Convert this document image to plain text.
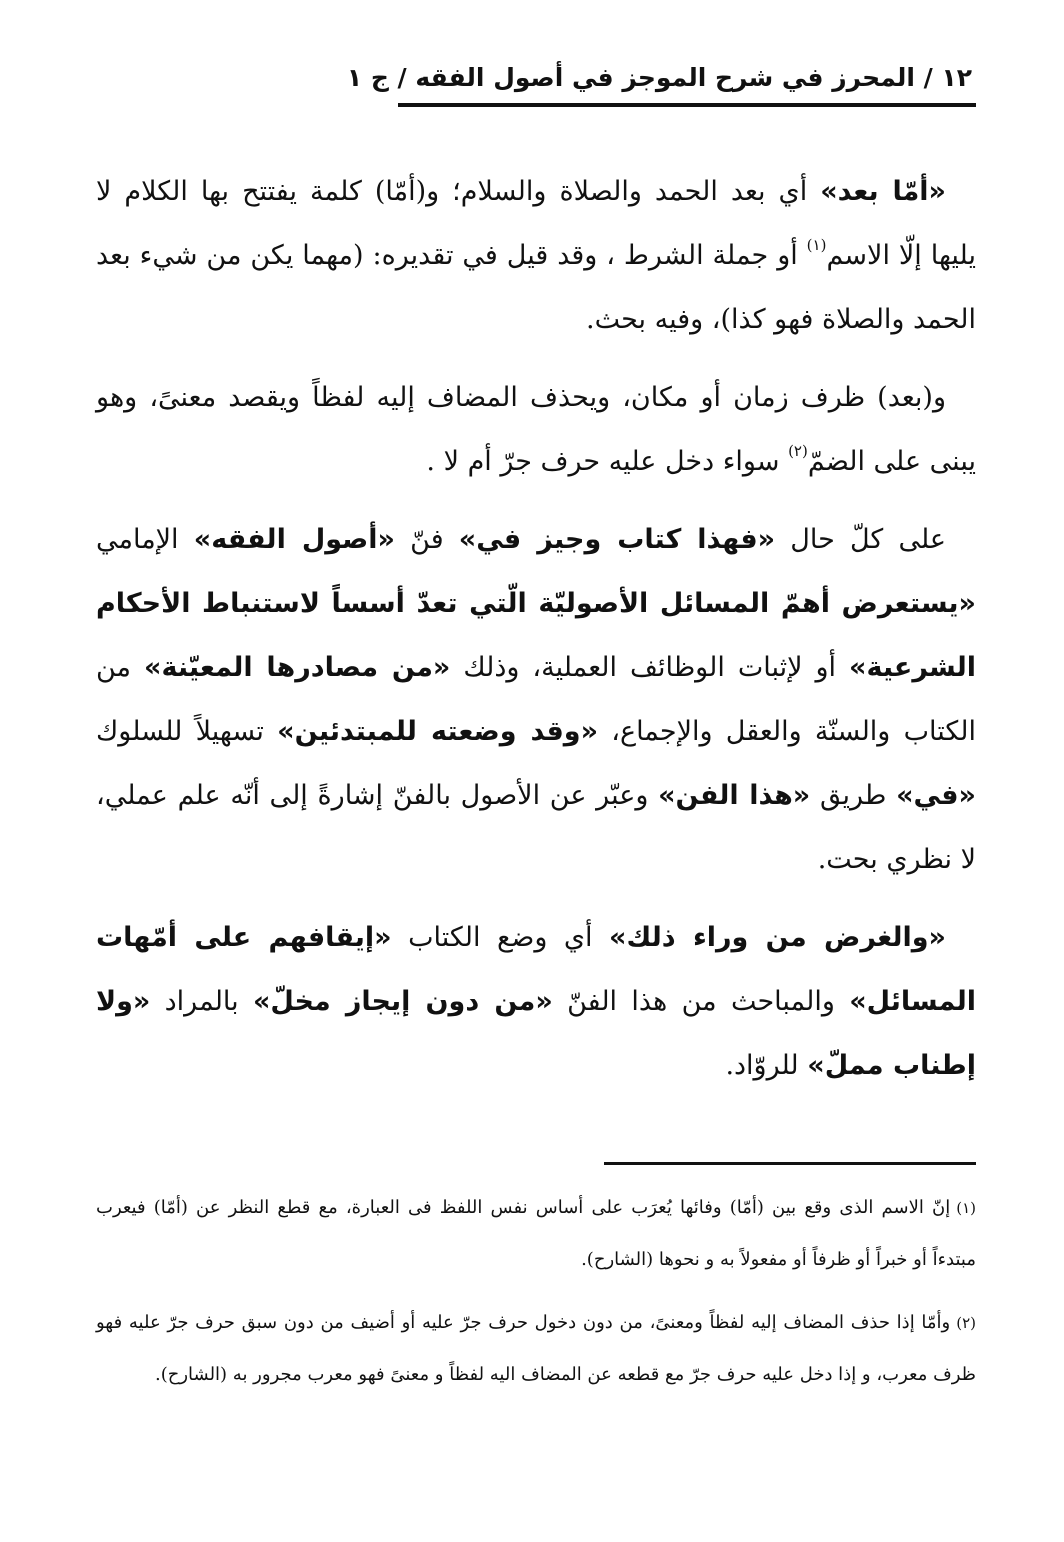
١٢ / المحرز في شرح الموجز في أصول الفقه / ج ١

«أمّا بعد» أي بعد الحمد والصلاة والسلام؛ و(أمّا) كلمة يفتتح بها الكلام لا يليها إلّا الاسم$^{(١)}$ أو جملة الشرط ، وقد قيل في تقديره: (مهما يكن من شيء بعد الحمد والصلاة فهو كذا)، وفيه بحث.

و(بعد) ظرف زمان أو مكان، ويحذف المضاف إليه لفظاً ويقصد معنىً، وهو يبنى على الضمّ$^{(٢)}$ سواء دخل عليه حرف جرّ أم لا .

على كلّ حال «فهذا كتاب وجيز في» فنّ «أصول الفقه» الإمامي «يستعرض أهمّ المسائل الأصوليّة الّتي تعدّ أسساً لاستنباط الأحكام الشرعية» أو لإثبات الوظائف العملية، وذلك «من مصادرها المعيّنة» من الكتاب والسنّة والعقل والإجماع، «وقد وضعته للمبتدئين» تسهيلاً للسلوك «في» طريق «هذا الفن» وعبّر عن الأصول بالفنّ إشارةً إلى أنّه علم عملي، لا نظري بحت.

«والغرض من وراء ذلك» أي وضع الكتاب «إيقافهم على أمّهات المسائل» والمباحث من هذا الفنّ «من دون إيجاز مخلّ» بالمراد «ولا إطناب مملّ» للروّاد.

(١)إنّ الاسم الذى وقع بين (أمّا) وفائها يُعرَب على أساس نفس اللفظ فى العبارة، مع قطع النظر عن (أمّا) فيعرب مبتدءاً أو خبراً أو ظرفاً أو مفعولاً به و نحوها (الشارح).

(٢)وأمّا إذا حذف المضاف إليه لفظاً ومعنىً، من دون دخول حرف جرّ عليه أو أضيف من دون سبق حرف جرّ عليه فهو ظرف معرب، و إذا دخل عليه حرف جرّ مع قطعه عن المضاف اليه لفظاً و معنىً فهو معرب مجرور به (الشارح).
